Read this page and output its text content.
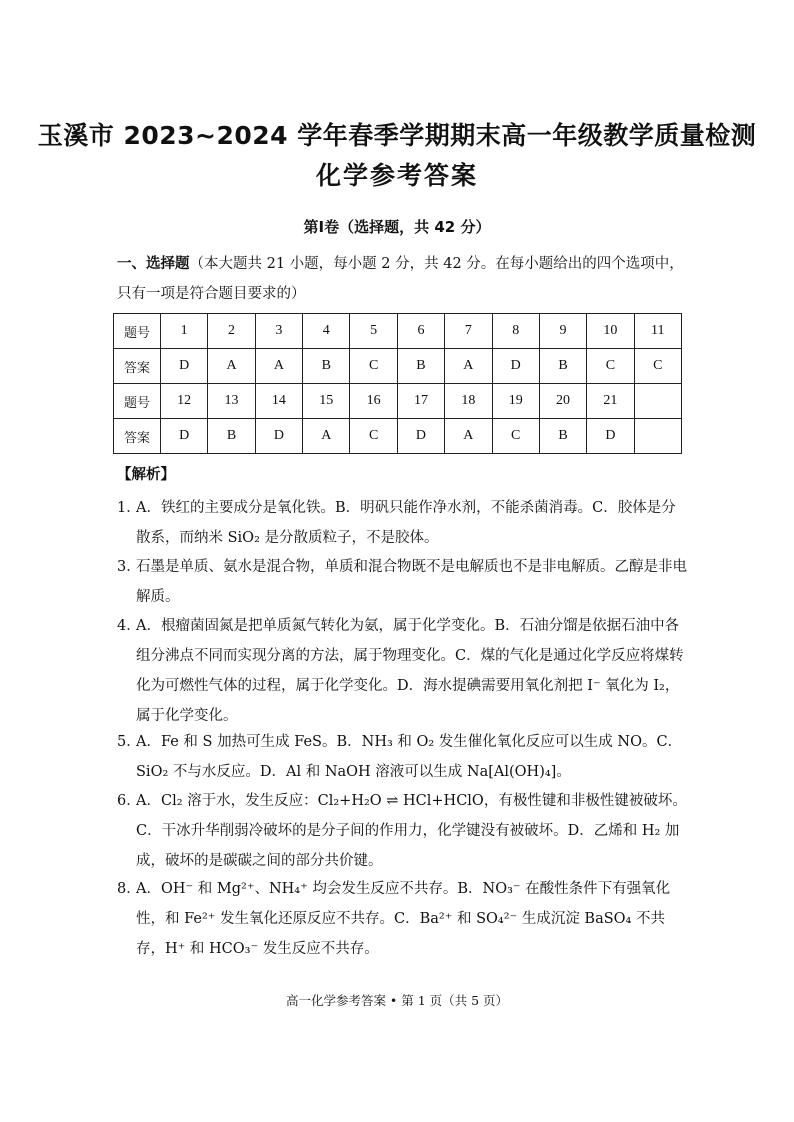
玉溪市 2023~2024 学年春季学期期末高一年级教学质量检测
化学参考答案
第Ⅰ卷（选择题，共 42 分）
一、选择题（本大题共 21 小题，每小题 2 分，共 42 分。在每小题给出的四个选项中，只有一项是符合题目要求的）
题号	1	2	3	4	5	6	7	8	9	10	11
答案	D	A	A	B	C	B	A	D	B	C	C
题号	12	13	14	15	16	17	18	19	20	21	
答案	D	B	D	A	C	D	A	C	B	D	
【解析】
1．
A．铁红的主要成分是氧化铁。B．明矾只能作净水剂，不能杀菌消毒。C．胶体是分散系，而纳米 SiO₂ 是分散质粒子，不是胶体。
3．
石墨是单质、氨水是混合物，单质和混合物既不是电解质也不是非电解质。乙醇是非电解质。
4．
A．根瘤菌固氮是把单质氮气转化为氨，属于化学变化。B．石油分馏是依据石油中各组分沸点不同而实现分离的方法，属于物理变化。C．煤的气化是通过化学反应将煤转化为可燃性气体的过程，属于化学变化。D．海水提碘需要用氧化剂把 I⁻ 氧化为 I₂，属于化学变化。
5．
A．Fe 和 S 加热可生成 FeS。B．NH₃ 和 O₂ 发生催化氧化反应可以生成 NO。C．SiO₂ 不与水反应。D．Al 和 NaOH 溶液可以生成 Na[Al(OH)₄]。
6．
A．Cl₂ 溶于水，发生反应：Cl₂+H₂O ⇌ HCl+HClO，有极性键和非极性键被破坏。C．干冰升华削弱冷破坏的是分子间的作用力，化学键没有被破坏。D．乙烯和 H₂ 加成，破坏的是碳碳之间的部分共价键。
8．
A．OH⁻ 和 Mg²⁺、NH₄⁺ 均会发生反应不共存。B．NO₃⁻ 在酸性条件下有强氧化性，和 Fe²⁺ 发生氧化还原反应不共存。C．Ba²⁺ 和 SO₄²⁻ 生成沉淀 BaSO₄ 不共存，H⁺ 和 HCO₃⁻ 发生反应不共存。
高一化学参考答案 • 第 1 页（共 5 页）
